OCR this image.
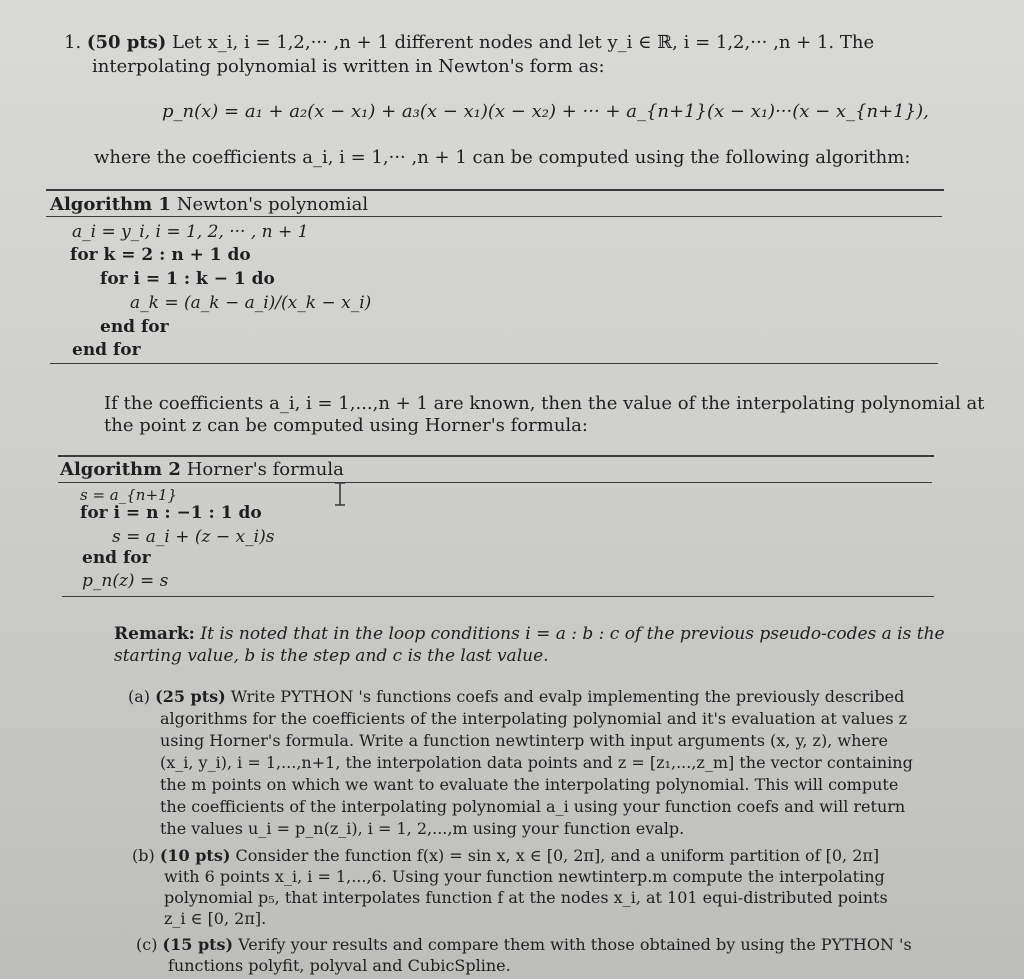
1. (50 pts) Let x_i, i = 1,2,··· ,n + 1 different nodes and let y_i ∈ ℝ, i = 1,2,··· ,n + 1. The
interpolating polynomial is written in Newton's form as:
p_n(x) = a₁ + a₂(x − x₁) + a₃(x − x₁)(x − x₂) + ··· + a_{n+1}(x − x₁)···(x − x_{n+1}),
where the coefficients a_i, i = 1,··· ,n + 1 can be computed using the following algorithm:
Algorithm 1 Newton's polynomial
a_i = y_i, i = 1, 2, ··· , n + 1
for k = 2 : n + 1 do
for i = 1 : k − 1 do
a_k = (a_k − a_i)/(x_k − x_i)
end for
end for
If the coefficients a_i, i = 1,...,n + 1 are known, then the value of the interpolating polynomial at
the point z can be computed using Horner's formula:
Algorithm 2 Horner's formula
s = a_{n+1}
for i = n : −1 : 1 do
s = a_i + (z − x_i)s
end for
p_n(z) = s
Remark: It is noted that in the loop conditions i = a : b : c of the previous pseudo-codes a is the
starting value, b is the step and c is the last value.
(a) (25 pts) Write PYTHON 's functions coefs and evalp implementing the previously described
algorithms for the coefficients of the interpolating polynomial and it's evaluation at values z
using Horner's formula. Write a function newtinterp with input arguments (x, y, z), where
(x_i, y_i), i = 1,...,n+1, the interpolation data points and z = [z₁,...,z_m] the vector containing
the m points on which we want to evaluate the interpolating polynomial. This will compute
the coefficients of the interpolating polynomial a_i using your function coefs and will return
the values u_i = p_n(z_i), i = 1, 2,...,m using your function evalp.
(b) (10 pts) Consider the function f(x) = sin x, x ∈ [0, 2π], and a uniform partition of [0, 2π]
with 6 points x_i, i = 1,...,6. Using your function newtinterp.m compute the interpolating
polynomial p₅, that interpolates function f at the nodes x_i, at 101 equi-distributed points
z_i ∈ [0, 2π].
(c) (15 pts) Verify your results and compare them with those obtained by using the PYTHON 's
functions polyfit, polyval and CubicSpline.
